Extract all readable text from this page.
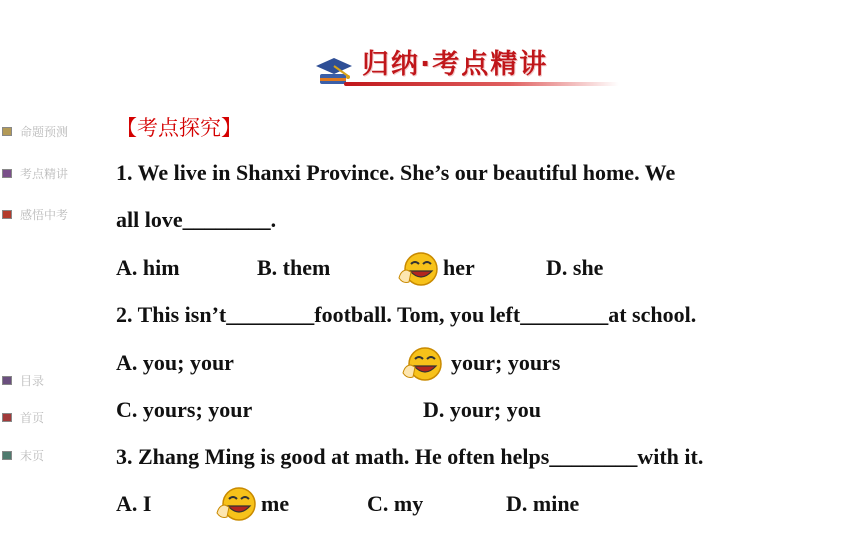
归纳·考点精讲
命题预测
考点精讲
感悟中考
目录
首页
末页
【考点探究】
1. We live in Shanxi Province. She’s our beautiful home. We
all love________.
A. him	B. them	her	D. she
2. This isn’t________football. Tom, you left________at school.
A. you; your	your; yours
C. yours; your	D. your; you
3. Zhang Ming is good at math. He often helps________with it.
A. I	me	C. my	D. mine
